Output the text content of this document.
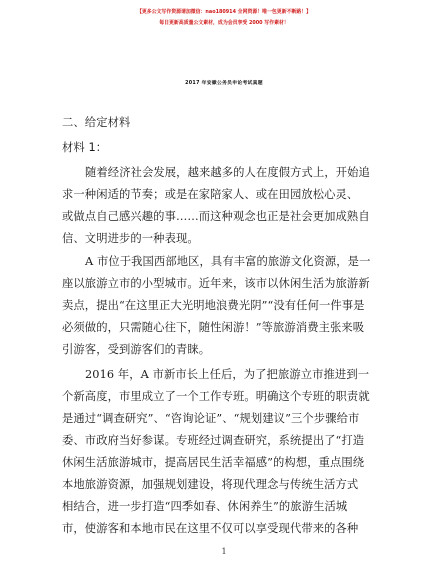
【更多公文写作资源请加微信：nao180914 全网资源！唯一包更新不断路！】
每日更新高质量公文素材，成为会员享受 2000 写作素材！
2017 年安徽公务员申论考试真题
二、给定材料
材料 1：
随着经济社会发展，越来越多的人在度假方式上，开始追
求一种闲适的节奏；或是在家陪家人、或在田园放松心灵、
或做点自己感兴趣的事……而这种观念也正是社会更加成熟自
信、文明进步的一种表现。
A 市位于我国西部地区，具有丰富的旅游文化资源，是一
座以旅游立市的小型城市。近年来，该市以休闲生活为旅游新
卖点，提出“在这里正大光明地浪费光阴”“没有任何一件事是
必须做的，只需随心往下，随性闲游！”等旅游消费主张来吸
引游客，受到游客们的青睐。
2016 年，A 市新市长上任后，为了把旅游立市推进到一
个新高度，市里成立了一个工作专班。明确这个专班的职责就
是通过“调查研究”、“咨询论证”、“规划建议”三个步骤给市
委、市政府当好参谋。专班经过调查研究，系统提出了“打造
休闲生活旅游城市，提高居民生活幸福感”的构想，重点围绕
本地旅游资源，加强规划建设，将现代理念与传统生活方式
相结合，进一步打造“四季如春、休闲养生”的旅游生活城
市，使游客和本地市民在这里不仅可以享受现代带来的各种
1
